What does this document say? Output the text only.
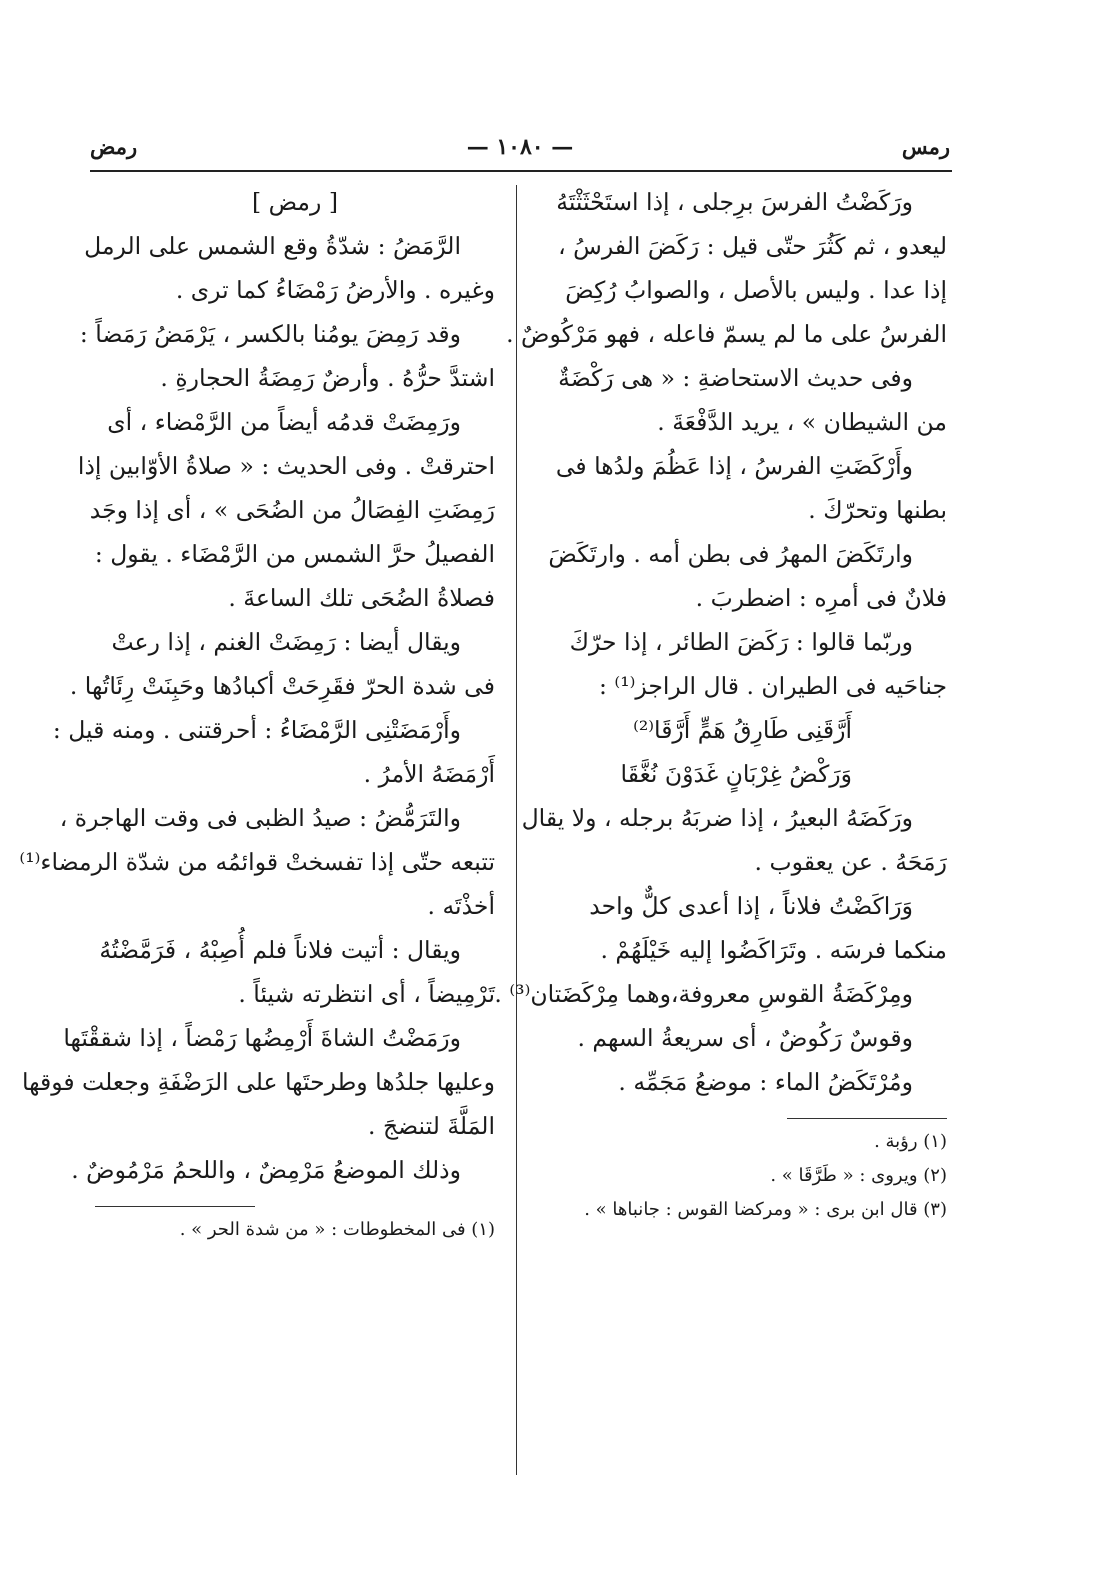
رمس
— ١٠٨٠ —
رمض
ورَكَضْتُ الفرسَ برِجلى ، إذا استَحْثَثْتَهُ
ليعدو ، ثم كَثُرَ حتّى قيل : رَكَضَ الفرسُ ،
إذا عدا . وليس بالأصل ، والصوابُ رُكِضَ
الفرسُ على ما لم يسمّ فاعله ، فهو مَرْكُوضٌ .
وفى حديث الاستحاضةِ : « هى رَكْضَةٌ
من الشيطان » ، يريد الدَّفْعَةَ .
وأَرْكَضَتِ الفرسُ ، إذا عَظُمَ ولدُها فى
بطنها وتحرّكَ .
وارتَكَضَ المهرُ فى بطن أمه . وارتَكَضَ
فلانٌ فى أمرِه : اضطربَ .
وربّما قالوا : رَكَضَ الطائر ، إذا حرّكَ
جناحَيه فى الطيران . قال الراجز⁽¹⁾ :
أَرَّقَنِى طَارِقُ هَمٍّ أَرَّقَا⁽²⁾
وَرَكْضُ غِرْبَانٍ غَدَوْنَ نُغَّقَا
ورَكَضَهُ البعيرُ ، إذا ضربَهُ برجله ، ولا يقال
رَمَحَهُ . عن يعقوب .
وَرَاكَضْتُ فلاناً ، إذا أعدى كلٌّ واحد
منكما فرسَه . وتَرَاكَضُوا إليه خَيْلَهُمْ .
ومِرْكَضَةُ القوسِ معروفة،وهما مِرْكَضَتان⁽³⁾ .
وقوسٌ رَكُوضٌ ، أى سريعةُ السهم .
ومُرْتَكَضُ الماء : موضعُ مَجَمِّه .
(١) رؤبة .
(٢) ويروى : « طَرَّقَا » .
(٣) قال ابن برى : « ومركضا القوس : جانباها » .
[ رمض ]
الرَّمَضُ : شدّةُ وقع الشمس على الرمل
وغيره . والأرضُ رَمْضَاءُ كما ترى .
وقد رَمِضَ يومُنا بالكسر ، يَرْمَضُ رَمَضاً :
اشتدَّ حرُّهُ . وأرضٌ رَمِضَةُ الحجارةِ .
ورَمِضَتْ قدمُه أيضاً من الرَّمْضاء ، أى
احترقتْ . وفى الحديث : « صلاةُ الأوّابين إذا
رَمِضَتِ الفِصَالُ من الضُحَى » ، أى إذا وجَد
الفصيلُ حرَّ الشمس من الرَّمْضَاء . يقول :
فصلاةُ الضُحَى تلك الساعةَ .
ويقال أيضا : رَمِضَتْ الغنم ، إذا رعتْ
فى شدة الحرّ فقَرِحَتْ أكبادُها وحَبِنَتْ رِئَاتُها .
وأَرْمَضَتْنِى الرَّمْضَاءُ : أحرقتنى . ومنه قيل :
أَرْمَضَهُ الأمرُ .
والتَرَمُّضُ : صيدُ الظبى فى وقت الهاجرة ،
تتبعه حتّى إذا تفسختْ قوائمُه من شدّة الرمضاء⁽¹⁾
أخذْتَه .
ويقال : أتيت فلاناً فلم أُصِبْهُ ، فَرَمَّضْتُهُ
تَرْمِيضاً ، أى انتظرته شيئاً .
ورَمَضْتُ الشاةَ أَرْمِضُها رَمْضاً ، إذا شققْتَها
وعليها جلدُها وطرحتَها على الرَضْفَةِ وجعلت فوقها
المَلَّةَ لتنضجَ .
وذلك الموضعُ مَرْمِضٌ ، واللحمُ مَرْمُوضٌ .
(١) فى المخطوطات : « من شدة الحر » .
